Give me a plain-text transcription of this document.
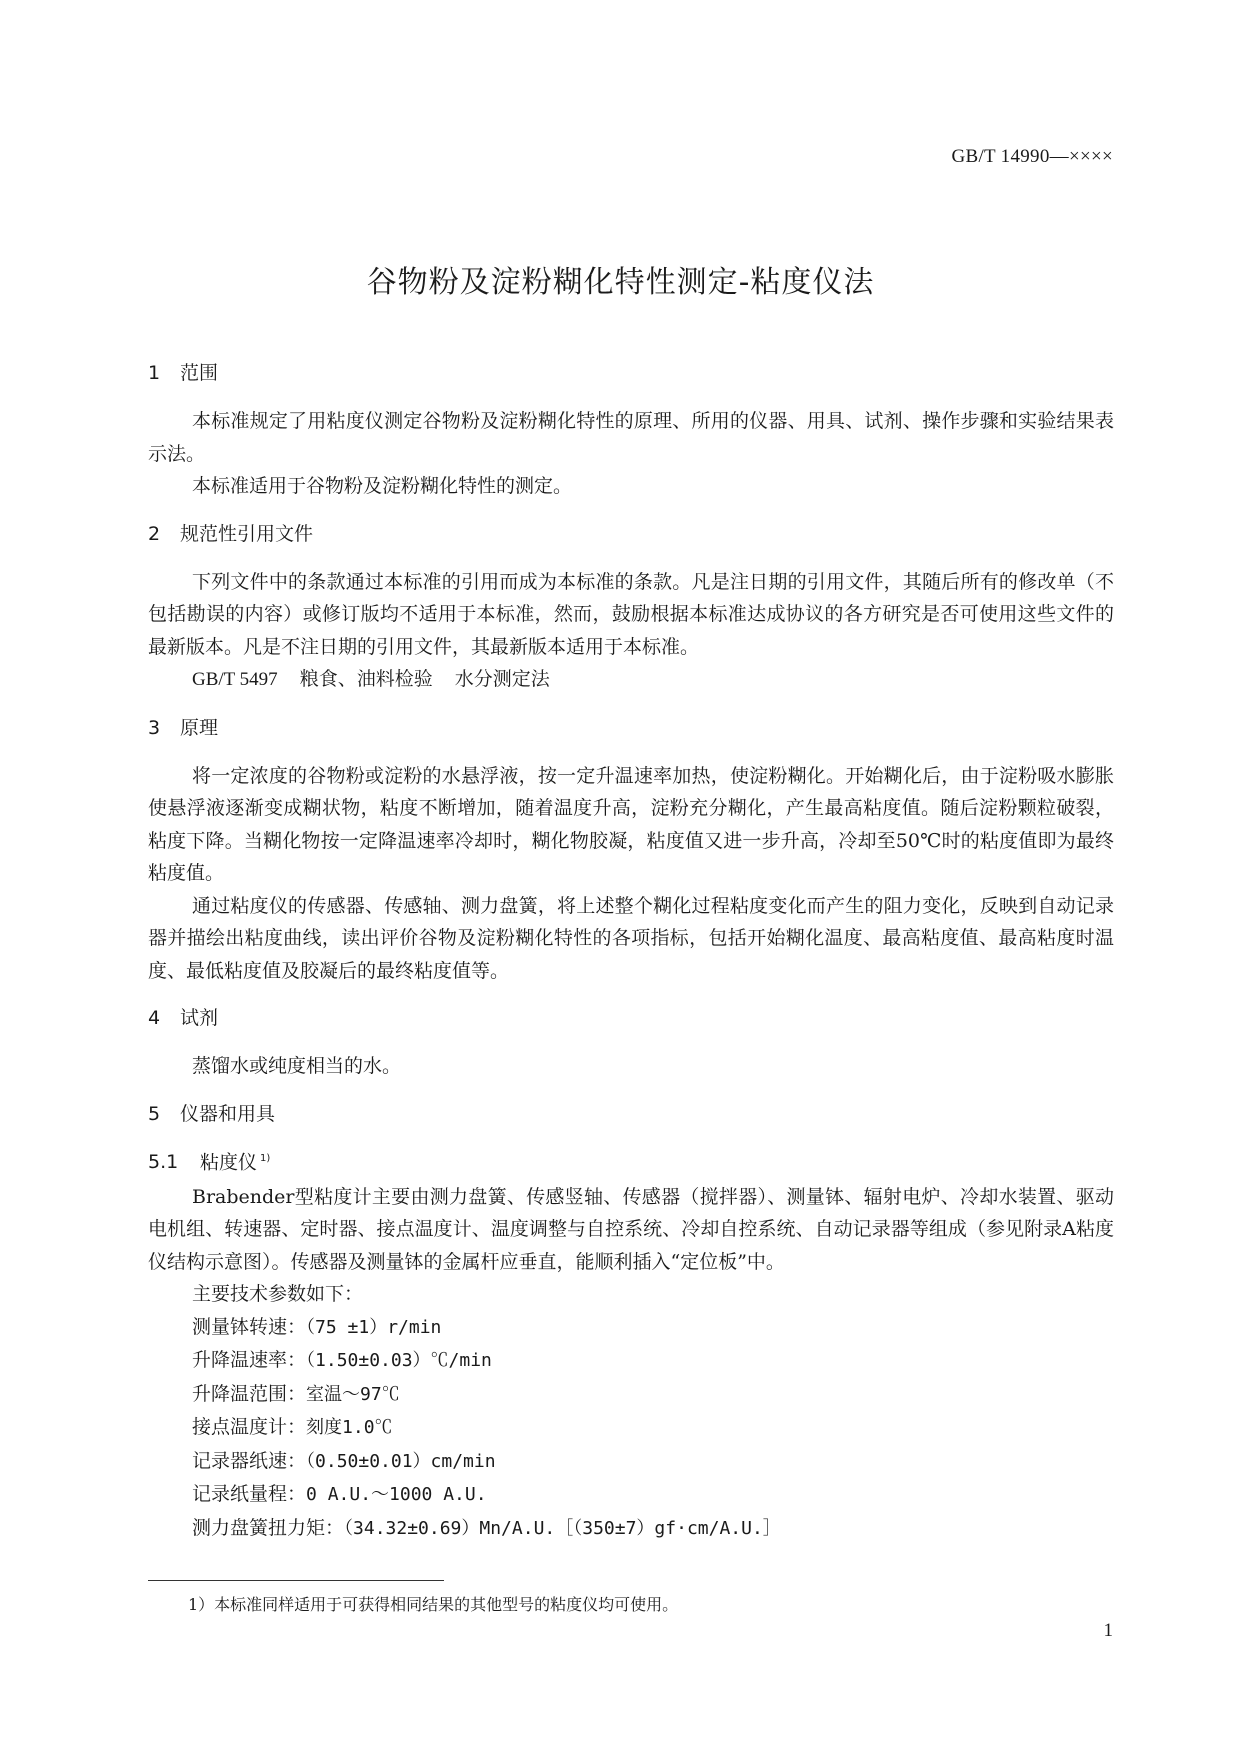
GB/T 14990—××××
谷物粉及淀粉糊化特性测定-粘度仪法
1 范围

本标准规定了用粘度仪测定谷物粉及淀粉糊化特性的原理、所用的仪器、用具、试剂、操作步骤和实验结果表示法。

本标准适用于谷物粉及淀粉糊化特性的测定。

2 规范性引用文件

下列文件中的条款通过本标准的引用而成为本标准的条款。凡是注日期的引用文件，其随后所有的修改单（不包括勘误的内容）或修订版均不适用于本标准，然而，鼓励根据本标准达成协议的各方研究是否可使用这些文件的最新版本。凡是不注日期的引用文件，其最新版本适用于本标准。

GB/T 5497 粮食、油料检验 水分测定法
3 原理

将一定浓度的谷物粉或淀粉的水悬浮液，按一定升温速率加热，使淀粉糊化。开始糊化后，由于淀粉吸水膨胀使悬浮液逐渐变成糊状物，粘度不断增加，随着温度升高，淀粉充分糊化，产生最高粘度值。随后淀粉颗粒破裂，粘度下降。当糊化物按一定降温速率冷却时，糊化物胶凝，粘度值又进一步升高，冷却至50℃时的粘度值即为最终粘度值。

通过粘度仪的传感器、传感轴、测力盘簧，将上述整个糊化过程粘度变化而产生的阻力变化，反映到自动记录器并描绘出粘度曲线，读出评价谷物及淀粉糊化特性的各项指标，包括开始糊化温度、最高粘度值、最高粘度时温度、最低粘度值及胶凝后的最终粘度值等。

4 试剂

蒸馏水或纯度相当的水。

5 仪器和用具
5.1 粘度仪 $^{1)}$

Brabender型粘度计主要由测力盘簧、传感竖轴、传感器（搅拌器）、测量钵、辐射电炉、冷却水装置、驱动电机组、转速器、定时器、接点温度计、温度调整与自控系统、冷却自控系统、自动记录器等组成（参见附录A粘度仪结构示意图）。传感器及测量钵的金属杆应垂直，能顺利插入“定位板”中。

主要技术参数如下：
测量钵转速：（75 ±1）r/min
升降温速率：（1.50±0.03）℃/min
升降温范围：室温～97℃
接点温度计：刻度1.0℃
记录器纸速：（0.50±0.01）cm/min
记录纸量程：0 A.U.～1000 A.U.
测力盘簧扭力矩：（34.32±0.69）Mn/A.U.［（350±7）gf·cm/A.U.］
1）本标准同样适用于可获得相同结果的其他型号的粘度仪均可使用。
1
